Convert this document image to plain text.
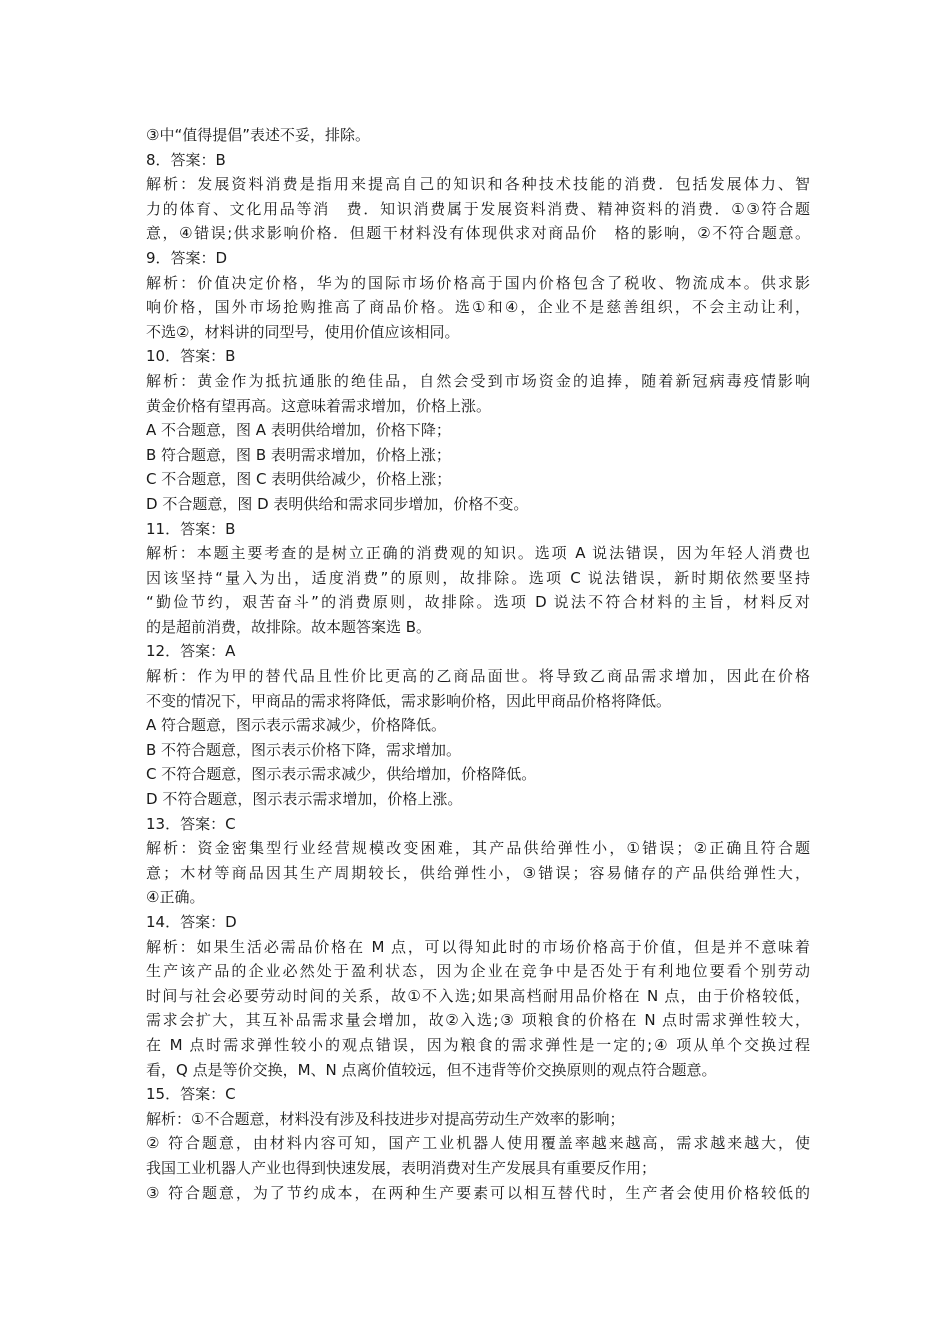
③中“值得提倡”表述不妥，排除。
8．答案：B
解析：发展资料消费是指用来提高自己的知识和各种技术技能的消费．包括发展体力、智
力的体育、文化用品等消　费．知识消费属于发展资料消费、精神资料的消费．①③符合题
意，④错误;供求影响价格．但题干材料没有体现供求对商品价　格的影响，②不符合题意。
9．答案：D
解析：价值决定价格，华为的国际市场价格高于国内价格包含了税收、物流成本。供求影
响价格，国外市场抢购推高了商品价格。选①和④，企业不是慈善组织，不会主动让利，
不选②，材料讲的同型号，使用价值应该相同。
10．答案：B
解析：黄金作为抵抗通胀的绝佳品，自然会受到市场资金的追捧，随着新冠病毒疫情影响
黄金价格有望再高。这意味着需求增加，价格上涨。
A 不合题意，图 A 表明供给增加，价格下降；
B 符合题意，图 B 表明需求增加，价格上涨；
C 不合题意，图 C 表明供给减少，价格上涨；
D 不合题意，图 D 表明供给和需求同步增加，价格不变。
11．答案：B
解析：本题主要考查的是树立正确的消费观的知识。选项 A 说法错误，因为年轻人消费也
因该坚持“量入为出，适度消费”的原则，故排除。选项 C 说法错误，新时期依然要坚持
“勤俭节约，艰苦奋斗”的消费原则，故排除。选项 D 说法不符合材料的主旨，材料反对
的是超前消费，故排除。故本题答案选 B。
12．答案：A
解析：作为甲的替代品且性价比更高的乙商品面世。将导致乙商品需求增加，因此在价格
不变的情况下，甲商品的需求将降低，需求影响价格，因此甲商品价格将降低。
A 符合题意，图示表示需求减少，价格降低。
B 不符合题意，图示表示价格下降，需求增加。
C 不符合题意，图示表示需求减少，供给增加，价格降低。
D 不符合题意，图示表示需求增加，价格上涨。
13．答案：C
解析：资金密集型行业经营规模改变困难，其产品供给弹性小，①错误；②正确且符合题
意；木材等商品因其生产周期较长，供给弹性小，③错误；容易储存的产品供给弹性大，
④正确。
14．答案：D
解析：如果生活必需品价格在 M 点，可以得知此时的市场价格高于价值，但是并不意味着
生产该产品的企业必然处于盈利状态，因为企业在竞争中是否处于有利地位要看个别劳动
时间与社会必要劳动时间的关系，故①不入选;如果高档耐用品价格在 N 点，由于价格较低，
需求会扩大，其互补品需求量会增加，故②入选;③ 项粮食的价格在 N 点时需求弹性较大，
在 M 点时需求弹性较小的观点错误，因为粮食的需求弹性是一定的;④ 项从单个交换过程
看，Q 点是等价交换，M、N 点离价值较远，但不违背等价交换原则的观点符合题意。
15．答案：C
解析：①不合题意，材料没有涉及科技进步对提高劳动生产效率的影响；
② 符合题意，由材料内容可知，国产工业机器人使用覆盖率越来越高，需求越来越大，使
我国工业机器人产业也得到快速发展，表明消费对生产发展具有重要反作用；
③ 符合题意，为了节约成本，在两种生产要素可以相互替代时，生产者会使用价格较低的
